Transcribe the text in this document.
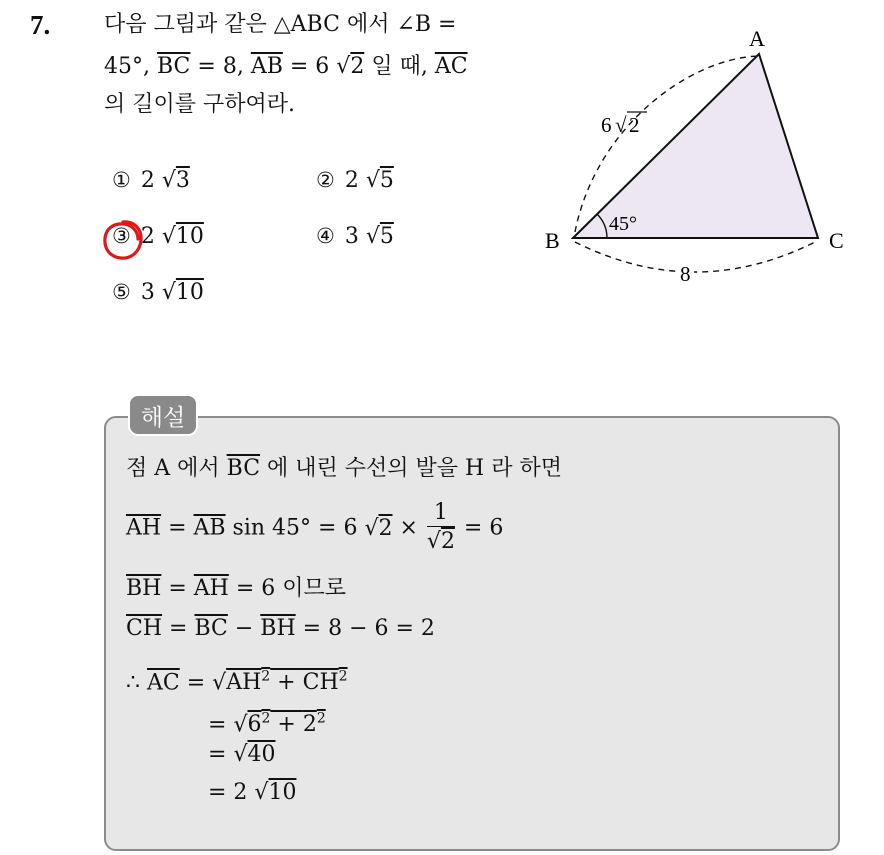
7. 다음 그림과 같은 △ABC 에서 ∠B =
45°, $\overline{BC} = 8$, $\overline{AB} = 6$ √2 일 때, $\overline{AC}$
의 길이를 구하여라.
① 2 √3	② 2 √5
③ 2 √10	④ 3 √5
⑤ 3 √10
A
B	C
45°
6 √ 2
8
해설
점 A 에서 $\overline{BC}$ 에 내린 수선의 발을 H 라 하면
$\overline{AH} = \overline{AB}$ sin 45° = 6 $√2 \times \frac{1}{√2} = 6$
$\overline{BH} = \overline{AH} = 6$ 이므로
$\overline{CH} = \overline{BC} - \overline{BH} = 8 - 6 = 2$
∴ $\overline{AC} = √AH^2 + CH^2$
= $√6^2 + 2^2$
= √40
= 2 √10
